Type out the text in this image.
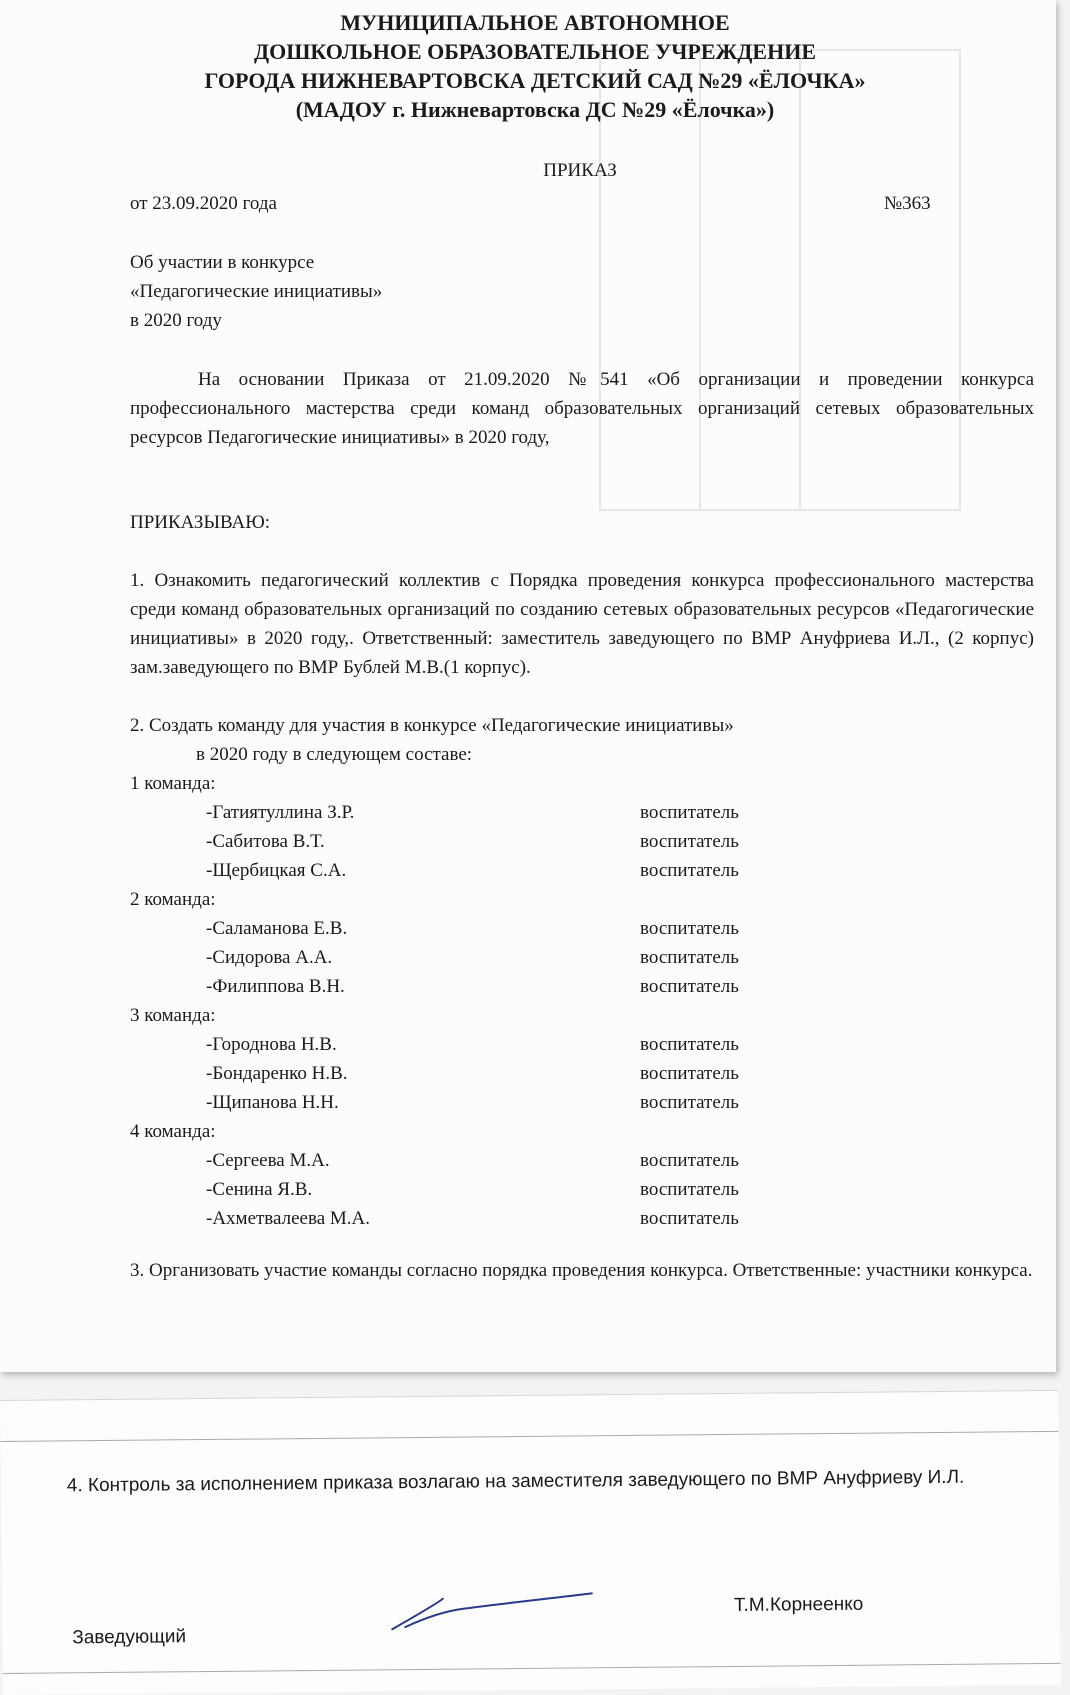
МУНИЦИПАЛЬНОЕ АВТОНОМНОЕ
ДОШКОЛЬНОЕ ОБРАЗОВАТЕЛЬНОЕ УЧРЕЖДЕНИЕ
ГОРОДА НИЖНЕВАРТОВСКА ДЕТСКИЙ САД №29 «ЁЛОЧКА»
(МАДОУ г. Нижневартовска ДС №29 «Ёлочка»)
ПРИКАЗ
от 23.09.2020 года	№363
Об участии в конкурсе
«Педагогические инициативы»
в 2020 году
На основании Приказа от 21.09.2020 №541 «Об организации и проведении конкурса профессионального мастерства среди команд образовательных организаций сетевых образовательных ресурсов Педагогические инициативы» в 2020 году,
ПРИКАЗЫВАЮ:
1. Ознакомить педагогический коллектив с Порядка проведения конкурса профессионального мастерства среди команд образовательных организаций по созданию сетевых образовательных ресурсов «Педагогические инициативы» в 2020 году,. Ответственный: заместитель заведующего по ВМР Ануфриева И.Л., (2 корпус) зам.заведующего по ВМР Бублей М.В.(1 корпус).
2. Создать команду для участия в конкурсе «Педагогические инициативы»
в 2020 году в следующем составе:
1 команда:
-Гатиятуллина З.Р.	воспитатель
-Сабитова В.Т.	воспитатель
-Щербицкая С.А.	воспитатель
2 команда:
-Саламанова Е.В.	воспитатель
-Сидорова А.А.	воспитатель
-Филиппова В.Н.	воспитатель
3 команда:
-Городнова Н.В.	воспитатель
-Бондаренко Н.В.	воспитатель
-Щипанова Н.Н.	воспитатель
4 команда:
-Сергеева М.А.	воспитатель
-Сенина Я.В.	воспитатель
-Ахметвалеева М.А.	воспитатель
3. Организовать участие команды согласно порядка проведения конкурса. Ответственные: участники конкурса.
4. Контроль за исполнением приказа возлагаю на заместителя заведующего по ВМР Ануфриеву И.Л.
Т.М.Корнеенко
Заведующий
